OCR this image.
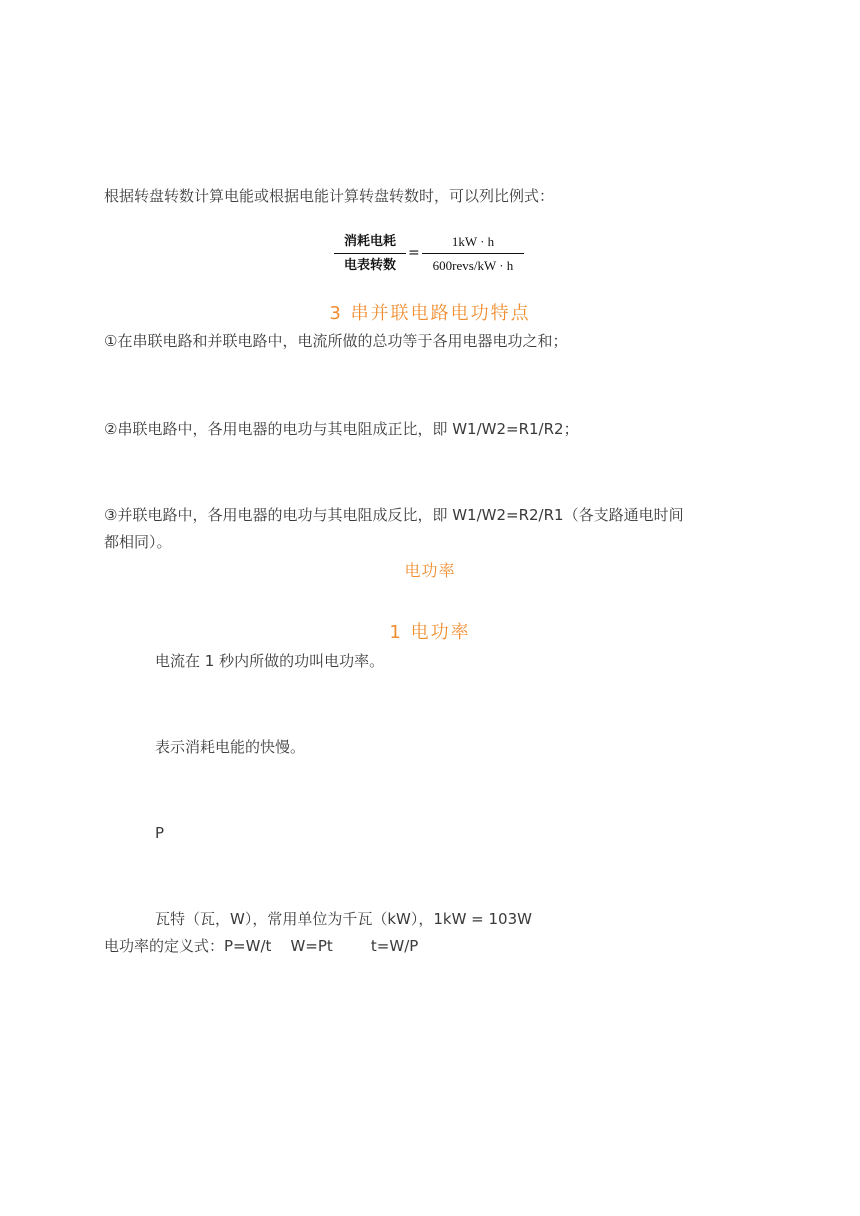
根据转盘转数计算电能或根据电能计算转盘转数时，可以列比例式：
消耗电耗
电表转数
=
1kW · h
600revs/kW · h
3 串并联电路电功特点
①在串联电路和并联电路中，电流所做的总功等于各用电器电功之和；
②串联电路中，各用电器的电功与其电阻成正比，即 W1/W2=R1/R2；
③并联电路中，各用电器的电功与其电阻成反比，即 W1/W2=R2/R1（各支路通电时间
都相同）。
电功率
1 电功率
电流在 1 秒内所做的功叫电功率。
表示消耗电能的快慢。
P
瓦特（瓦，W），常用单位为千瓦（kW），1kW = 103W
电功率的定义式：P=W/t    W=Pt        t=W/P
